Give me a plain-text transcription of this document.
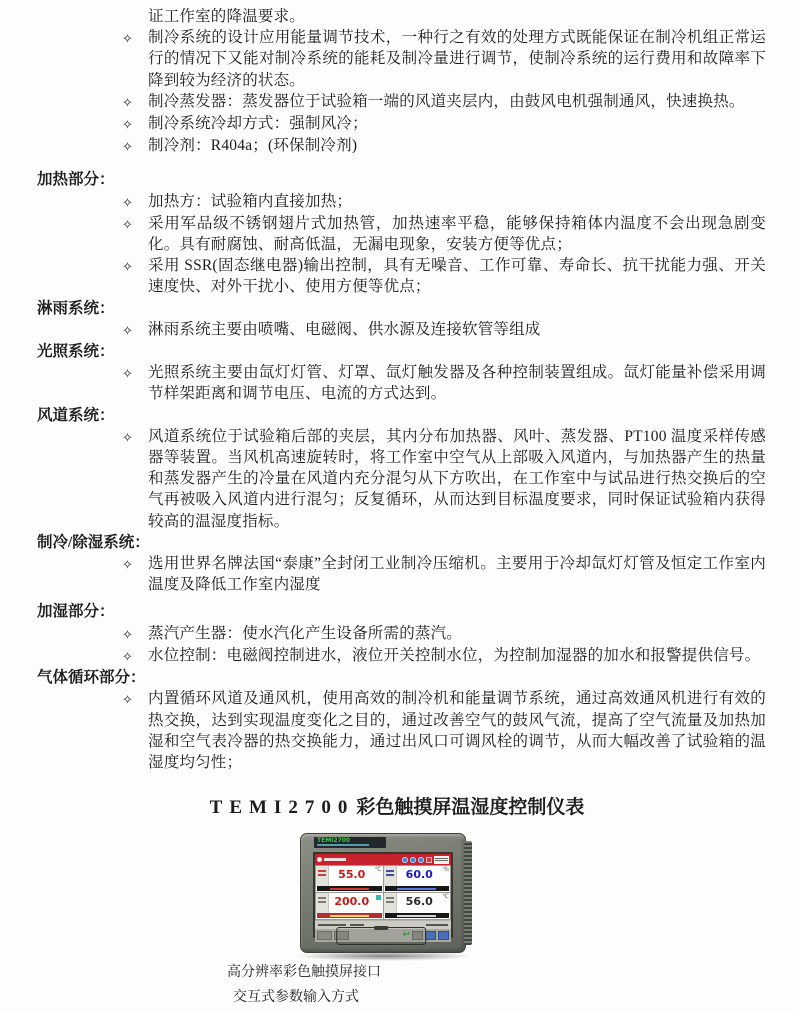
证工作室的降温要求。
✧ 制冷系统的设计应用能量调节技术，一种行之有效的处理方式既能保证在制冷机组正常运行的情况下又能对制冷系统的能耗及制冷量进行调节，使制冷系统的运行费用和故障率下降到较为经济的状态。
✧ 制冷蒸发器：蒸发器位于试验箱一端的风道夹层内，由鼓风电机强制通风，快速换热。
✧ 制冷系统冷却方式：强制风冷；
✧ 制冷剂：R404a；(环保制冷剂)
加热部分：
✧ 加热方：试验箱内直接加热；
✧ 采用军品级不锈钢翅片式加热管，加热速率平稳，能够保持箱体内温度不会出现急剧变化。具有耐腐蚀、耐高低温，无漏电现象，安装方便等优点；
✧ 采用 SSR(固态继电器)输出控制，具有无噪音、工作可靠、寿命长、抗干扰能力强、开关速度快、对外干扰小、使用方便等优点；
淋雨系统：
✧ 淋雨系统主要由喷嘴、电磁阀、供水源及连接软管等组成
光照系统：
✧ 光照系统主要由氙灯灯管、灯罩、氙灯触发器及各种控制装置组成。氙灯能量补偿采用调节样架距离和调节电压、电流的方式达到。
风道系统：
✧ 风道系统位于试验箱后部的夹层，其内分布加热器、风叶、蒸发器、PT100 温度采样传感器等装置。当风机高速旋转时，将工作室中空气从上部吸入风道内，与加热器产生的热量和蒸发器产生的冷量在风道内充分混匀从下方吹出，在工作室中与试品进行热交换后的空气再被吸入风道内进行混匀；反复循环，从而达到目标温度要求，同时保证试验箱内获得较高的温湿度指标。
制冷/除湿系统：
✧ 选用世界名牌法国“泰康”全封闭工业制冷压缩机。主要用于冷却氙灯灯管及恒定工作室内温度及降低工作室内湿度
加湿部分：
✧ 蒸汽产生器：使水汽化产生设备所需的蒸汽。
✧ 水位控制：电磁阀控制进水，液位开关控制水位，为控制加湿器的加水和报警提供信号。
气体循环部分：
✧ 内置循环风道及通风机，使用高效的制冷机和能量调节系统，通过高效通风机进行有效的热交换，达到实现温度变化之目的，通过改善空气的鼓风气流，提高了空气流量及加热加湿和空气表冷器的热交换能力，通过出风口可调风栓的调节，从而大幅改善了试验箱的温湿度均匀性；
TEMI2700 彩色触摸屏温湿度控制仪表
TEMI2700
55.0	℃	60.0	%
200.0	56.0	℃
↩
高分辨率彩色触摸屏接口
交互式参数输入方式
